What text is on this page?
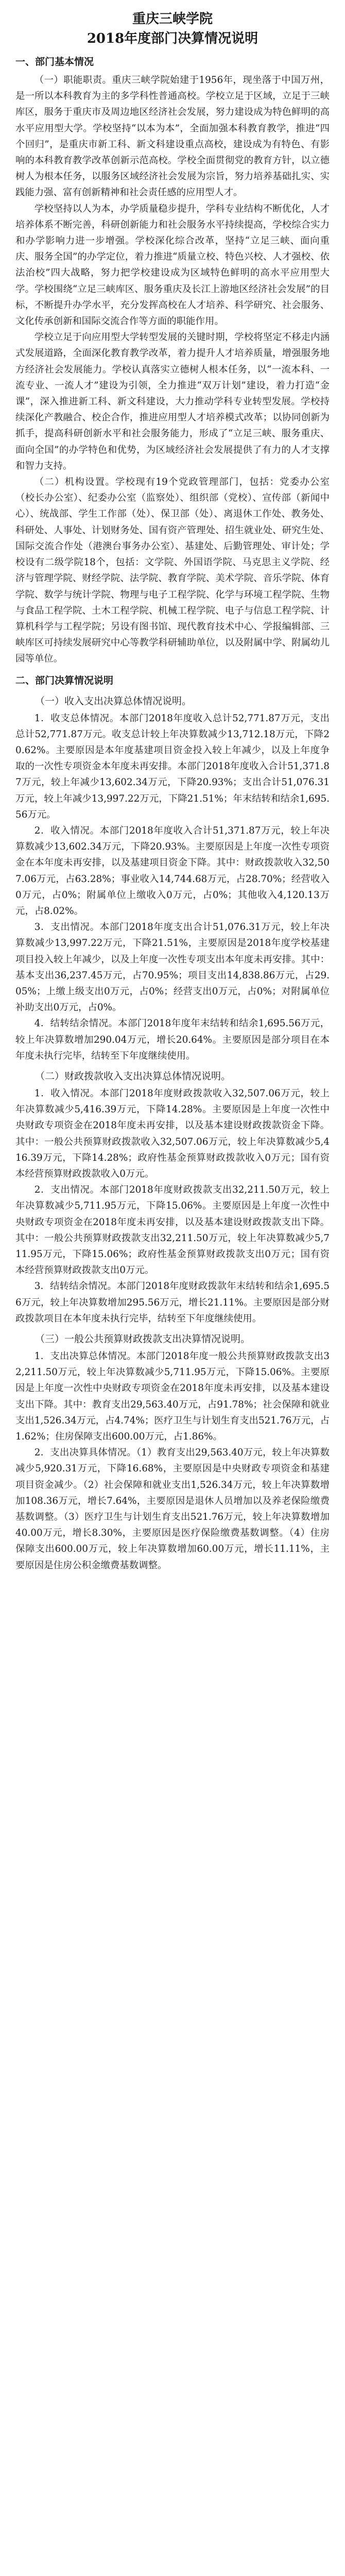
重庆三峡学院
2018年度部门决算情况说明
一、部门基本情况

（一）职能职责。重庆三峡学院始建于1956年，现坐落于中国万州，是一所以本科教育为主的多学科性普通高校。学校立足于区域，立足于三峡库区，服务于重庆市及周边地区经济社会发展，努力建设成为特色鲜明的高水平应用型大学。学校坚持“以本为本”，全面加强本科教育教学，推进“四个回归”，是重庆市新工科、新文科建设重点高校，建设成为有特色、有影响的本科教育教学改革创新示范高校。学校全面贯彻党的教育方针，以立德树人为根本任务，以服务区域经济社会发展为宗旨，努力培养基础扎实、实践能力强、富有创新精神和社会责任感的应用型人才。

学校坚持以人为本，办学质量稳步提升，学科专业结构不断优化，人才培养体系不断完善，科研创新能力和社会服务水平持续提高，学校综合实力和办学影响力进一步增强。学校深化综合改革，坚持“立足三峡、面向重庆、服务全国”的办学定位，着力推进“质量立校、特色兴校、人才强校、依法治校”四大战略，努力把学校建设成为区域特色鲜明的高水平应用型大学。学校围绕“立足三峡库区、服务重庆及长江上游地区经济社会发展”的目标，不断提升办学水平，充分发挥高校在人才培养、科学研究、社会服务、文化传承创新和国际交流合作等方面的职能作用。

学校立足于向应用型大学转型发展的关键时期，学校将坚定不移走内涵式发展道路，全面深化教育教学改革，着力提升人才培养质量，增强服务地方经济社会发展能力。学校认真落实立德树人根本任务，以“一流本科、一流专业、一流人才”建设为引领，全力推进“双万计划”建设，着力打造“金课”，深入推进新工科、新文科建设，大力推动学科专业转型发展。学校持续深化产教融合、校企合作，推进应用型人才培养模式改革；以协同创新为抓手，提高科研创新水平和社会服务能力，形成了“立足三峡、服务重庆、面向全国”的办学特色和优势，为区域经济社会发展提供了有力的人才支撑和智力支持。

（二）机构设置。学校现有19个党政管理部门，包括：党委办公室（校长办公室）、纪委办公室（监察处）、组织部（党校）、宣传部（新闻中心）、统战部、学生工作部（处）、保卫部（处）、离退休工作处、教务处、科研处、人事处、计划财务处、国有资产管理处、招生就业处、研究生处、国际交流合作处（港澳台事务办公室）、基建处、后勤管理处、审计处；学校设有二级学院18个，包括：文学院、外国语学院、马克思主义学院、经济与管理学院、财经学院、法学院、教育学院、美术学院、音乐学院、体育学院、数学与统计学院、物理与电子工程学院、化学与环境工程学院、生物与食品工程学院、土木工程学院、机械工程学院、电子与信息工程学院、计算机科学与工程学院；另设有图书馆、现代教育技术中心、学报编辑部、三峡库区可持续发展研究中心等教学科研辅助单位，以及附属中学、附属幼儿园等单位。

二、部门决算情况说明
（一）收入支出决算总体情况说明。

1．收支总体情况。本部门2018年度收入总计52,771.87万元，支出总计52,771.87万元。收支总计较上年决算数减少13,712.18万元，下降20.62%。主要原因是本年度基建项目资金投入较上年减少，以及上年度争取的一次性专项资金本年度未再安排。本部门2018年度收入合计51,371.87万元，较上年减少13,602.34万元，下降20.93%；支出合计51,076.31万元，较上年减少13,997.22万元，下降21.51%；年末结转和结余1,695.56万元。

2．收入情况。本部门2018年度收入合计51,371.87万元，较上年决算数减少13,602.34万元，下降20.93%。主要原因是上年度一次性专项资金在本年度未再安排，以及基建项目资金下降。其中：财政拨款收入32,507.06万元，占63.28%；事业收入14,744.68万元，占28.70%；经营收入0万元，占0%；附属单位上缴收入0万元，占0%；其他收入4,120.13万元，占8.02%。

3．支出情况。本部门2018年度支出合计51,076.31万元，较上年决算数减少13,997.22万元，下降21.51%，主要原因是2018年度学校基建项目投入较上年减少，以及上年度一次性专项支出本年度未再安排。其中：基本支出36,237.45万元，占70.95%；项目支出14,838.86万元，占29.05%；上缴上级支出0万元，占0%；经营支出0万元，占0%；对附属单位补助支出0万元，占0%。

4．结转结余情况。本部门2018年度年末结转和结余1,695.56万元，较上年决算数增加290.04万元，增长20.64%。主要原因是部分项目在本年度未执行完毕，结转至下年度继续使用。

（二）财政拨款收入支出决算总体情况说明。

1．收入情况。本部门2018年度财政拨款收入32,507.06万元，较上年决算数减少5,416.39万元，下降14.28%。主要原因是上年度一次性中央财政专项资金在2018年度未再安排，以及基本建设财政拨款资金下降。其中：一般公共预算财政拨款收入32,507.06万元，较上年决算数减少5,416.39万元，下降14.28%；政府性基金预算财政拨款收入0万元；国有资本经营预算财政拨款收入0万元。

2．支出情况。本部门2018年度财政拨款支出32,211.50万元，较上年决算数减少5,711.95万元，下降15.06%。主要原因是上年度一次性中央财政专项资金在2018年度未再安排，以及基本建设财政拨款支出下降。其中：一般公共预算财政拨款支出32,211.50万元，较上年决算数减少5,711.95万元，下降15.06%；政府性基金预算财政拨款支出0万元；国有资本经营预算财政拨款支出0万元。

3．结转结余情况。本部门2018年度财政拨款年末结转和结余1,695.56万元，较上年决算数增加295.56万元，增长21.11%。主要原因是部分财政拨款项目在本年度未执行完毕，结转至下年度继续使用。

（三）一般公共预算财政拨款支出决算情况说明。

1．支出决算总体情况。本部门2018年度一般公共预算财政拨款支出32,211.50万元，较上年决算数减少5,711.95万元，下降15.06%。主要原因是上年度一次性中央财政专项资金在2018年度未再安排，以及基本建设支出下降。其中：教育支出29,563.40万元，占91.78%；社会保障和就业支出1,526.34万元，占4.74%；医疗卫生与计划生育支出521.76万元，占1.62%；住房保障支出600.00万元，占1.86%。

2．支出决算具体情况。（1）教育支出29,563.40万元，较上年决算数减少5,920.31万元，下降16.68%，主要原因是中央财政专项资金和基建项目资金减少。（2）社会保障和就业支出1,526.34万元，较上年决算数增加108.36万元，增长7.64%，主要原因是退休人员增加以及养老保险缴费基数调整。（3）医疗卫生与计划生育支出521.76万元，较上年决算数增加40.00万元，增长8.30%，主要原因是医疗保险缴费基数调整。（4）住房保障支出600.00万元，较上年决算数增加60.00万元，增长11.11%，主要原因是住房公积金缴费基数调整。
